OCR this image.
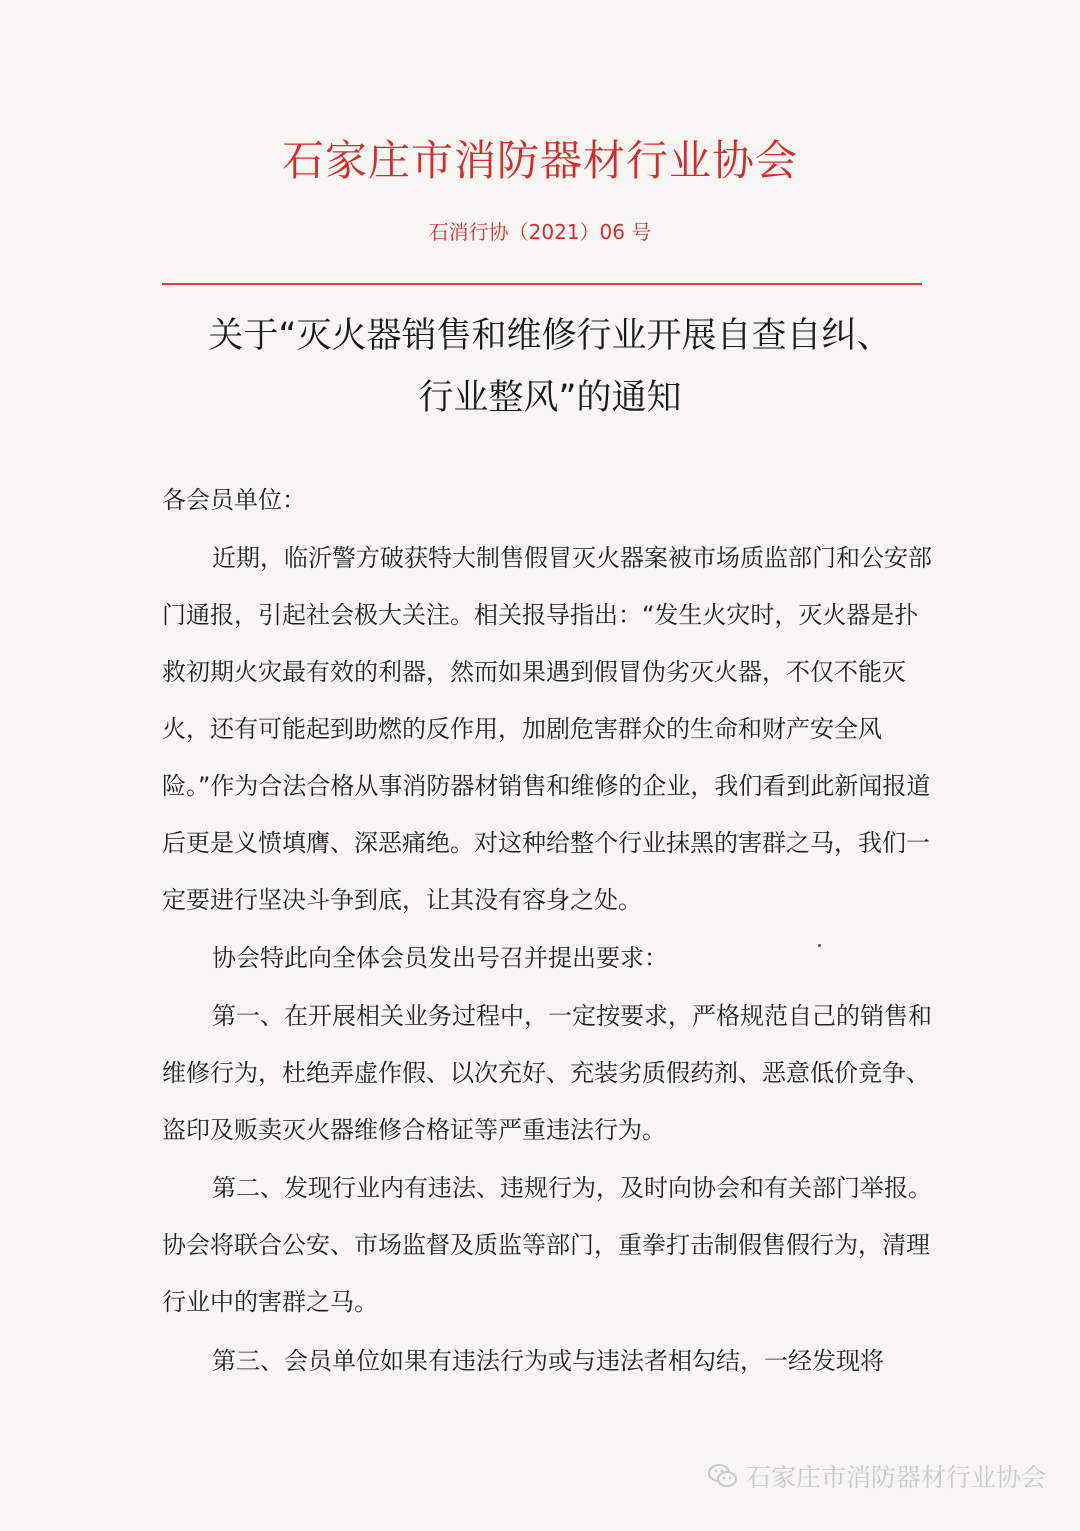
石家庄市消防器材行业协会
石消行协（2021）06 号
关于“灭火器销售和维修行业开展自查自纠、
行业整风”的通知
各会员单位：
近期，临沂警方破获特大制售假冒灭火器案被市场质监部门和公安部门通报，引起社会极大关注。相关报导指出：“发生火灾时，灭火器是扑救初期火灾最有效的利器，然而如果遇到假冒伪劣灭火器，不仅不能灭火，还有可能起到助燃的反作用，加剧危害群众的生命和财产安全风险。”作为合法合格从事消防器材销售和维修的企业，我们看到此新闻报道后更是义愤填膺、深恶痛绝。对这种给整个行业抹黑的害群之马，我们一定要进行坚决斗争到底，让其没有容身之处。
协会特此向全体会员发出号召并提出要求：
第一、在开展相关业务过程中，一定按要求，严格规范自己的销售和维修行为，杜绝弄虚作假、以次充好、充装劣质假药剂、恶意低价竞争、盗印及贩卖灭火器维修合格证等严重违法行为。
第二、发现行业内有违法、违规行为，及时向协会和有关部门举报。协会将联合公安、市场监督及质监等部门，重拳打击制假售假行为，清理行业中的害群之马。
第三、会员单位如果有违法行为或与违法者相勾结，一经发现将
石家庄市消防器材行业协会
